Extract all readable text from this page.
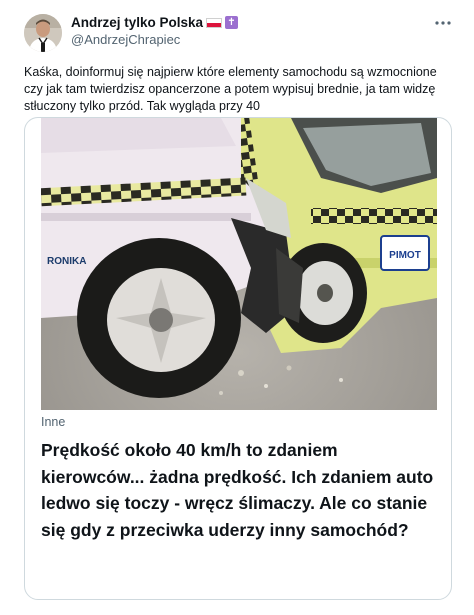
Andrzej tylko Polska ✝
@AndrzejChrapiec
Kaśka, doinformuj się najpierw które elementy samochodu są wzmocnione czy jak tam twierdzisz opancerzone a potem wypisuj brednie, ja tam widzę stłuczony tylko przód. Tak wygląda przy 40
PIMOT
RONIKA
Inne
Prędkość około 40 km/h to zdaniem kierowców... żadna prędkość. Ich zdaniem auto ledwo się toczy - wręcz ślimaczy. Ale co stanie się gdy z przeciwka uderzy inny samochód?
